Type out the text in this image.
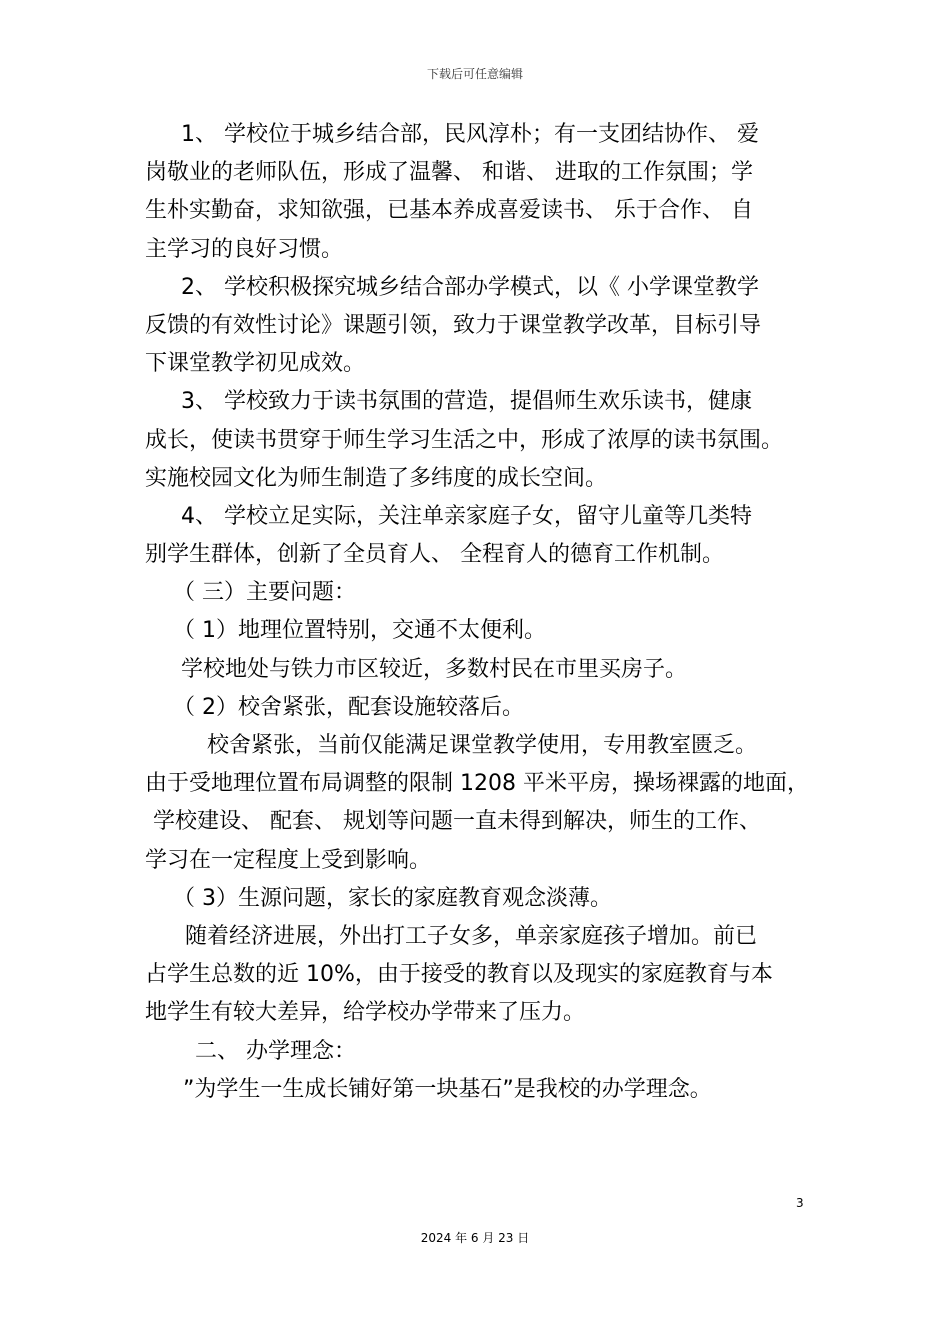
下载后可任意编辑
1、 学校位于城乡结合部，民风淳朴；有一支团结协作、 爱
岗敬业的老师队伍，形成了温馨、 和谐、 进取的工作氛围；学
生朴实勤奋，求知欲强，已基本养成喜爱读书、 乐于合作、 自
主学习的良好习惯。
2、 学校积极探究城乡结合部办学模式，以《 小学课堂教学
反馈的有效性讨论》课题引领，致力于课堂教学改革，目标引导
下课堂教学初见成效。
3、 学校致力于读书氛围的营造，提倡师生欢乐读书，健康
成长，使读书贯穿于师生学习生活之中，形成了浓厚的读书氛围。
实施校园文化为师生制造了多纬度的成长空间。
4、 学校立足实际，关注单亲家庭子女，留守儿童等几类特
别学生群体，创新了全员育人、 全程育人的德育工作机制。
（ 三）主要问题：
（ 1）地理位置特别，交通不太便利。
学校地处与铁力市区较近，多数村民在市里买房子。
（ 2）校舍紧张，配套设施较落后。
校舍紧张，当前仅能满足课堂教学使用，专用教室匮乏。
由于受地理位置布局调整的限制 1208 平米平房，操场裸露的地面，
学校建设、 配套、 规划等问题一直未得到解决，师生的工作、
学习在一定程度上受到影响。
（ 3）生源问题，家长的家庭教育观念淡薄。
随着经济进展，外出打工子女多，单亲家庭孩子增加。前已
占学生总数的近 10%，由于接受的教育以及现实的家庭教育与本
地学生有较大差异，给学校办学带来了压力。
二、 办学理念：
”为学生一生成长铺好第一块基石”是我校的办学理念。
3
2024 年 6 月 23 日
